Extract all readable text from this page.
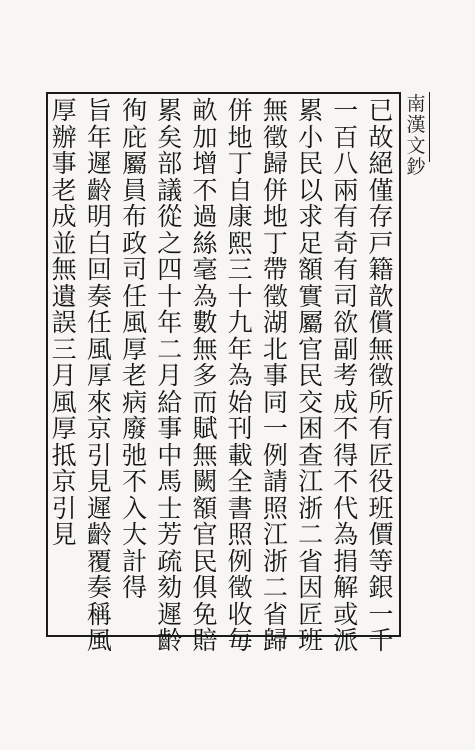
南
漢
文
鈔
已
故
絕
僅
存
戸
籍
歆
償
無
徵
所
有
匠
役
班
價
等
銀
一
千
一
百
八
兩
有
奇
有
司
欲
副
考
成
不
得
不
代
為
捐
解
或
派
累
小
民
以
求
足
額
實
屬
官
民
交
困
查
江
浙
二
省
因
匠
班
無
徵
歸
併
地
丁
帶
徵
湖
北
事
同
一
例
請
照
江
浙
二
省
歸
併
地
丁
自
康
熙
三
十
九
年
為
始
刊
載
全
書
照
例
徵
收
毎
畝
加
增
不
過
絲
毫
為
數
無
多
而
賦
無
闕
額
官
民
俱
免
賠
累
矣
部
議
從
之
四
十
年
二
月
給
事
中
馬
士
芳
疏
劾
遲
齡
徇
庇
屬
員
布
政
司
任
風
厚
老
病
廢
弛
不
入
大
計
得
旨
年
遲
齡
明
白
回
奏
任
風
厚
來
京
引
見
遲
齡
覆
奏
稱
風
厚
辦
事
老
成
並
無
遺
誤
三
月
風
厚
抵
京
引
見
